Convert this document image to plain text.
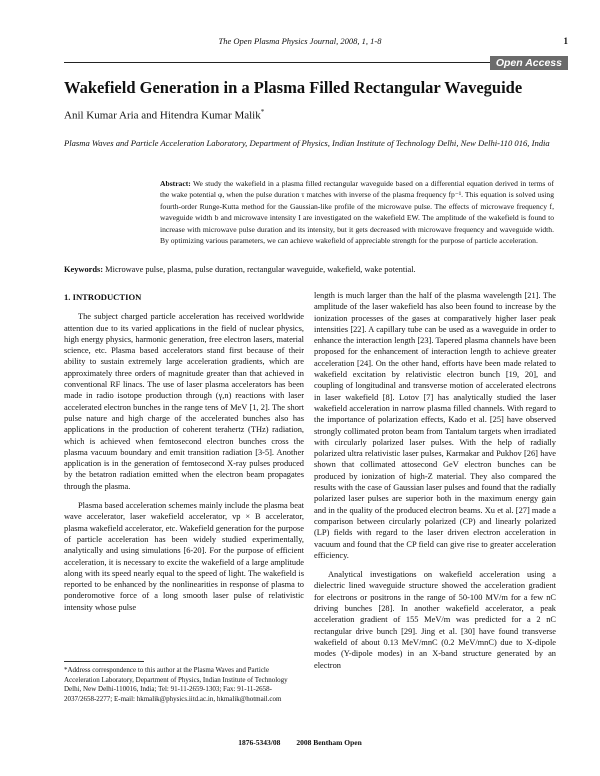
The Open Plasma Physics Journal, 2008, 1, 1-8	1
Open Access
Wakefield Generation in a Plasma Filled Rectangular Waveguide
Anil Kumar Aria and Hitendra Kumar Malik*
Plasma Waves and Particle Acceleration Laboratory, Department of Physics, Indian Institute of Technology Delhi, New Delhi-110 016, India
Abstract: We study the wakefield in a plasma filled rectangular waveguide based on a differential equation derived in terms of the wake potential φ, when the pulse duration τ matches with inverse of the plasma frequency fp⁻¹. This equation is solved using fourth-order Runge-Kutta method for the Gaussian-like profile of the microwave pulse. The effects of microwave frequency f, waveguide width b and microwave intensity I are investigated on the wakefield EW. The amplitude of the wakefield is found to increase with microwave pulse duration and its intensity, but it gets decreased with microwave frequency and waveguide width. By optimizing various parameters, we can achieve wakefield of appreciable strength for the purpose of particle acceleration.
Keywords: Microwave pulse, plasma, pulse duration, rectangular waveguide, wakefield, wake potential.
1. INTRODUCTION

The subject charged particle acceleration has received worldwide attention due to its varied applications in the field of nuclear physics, high energy physics, harmonic generation, free electron lasers, material science, etc. Plasma based accelerators stand first because of their ability to sustain extremely large acceleration gradients, which are approximately three orders of magnitude greater than that achieved in conventional RF linacs. The use of laser plasma accelerators has been made in radio isotope production through (γ,n) reactions with laser accelerated electron bunches in the range tens of MeV [1, 2]. The short pulse nature and high charge of the accelerated bunches also has applications in the production of coherent terahertz (THz) radiation, which is achieved when femtosecond electron bunches cross the plasma vacuum boundary and emit transition radiation [3-5]. Another application is in the generation of femtosecond X-ray pulses produced by the betatron radiation emitted when the electron beam propagates through the plasma.

Plasma based acceleration schemes mainly include the plasma beat wave accelerator, laser wakefield accelerator, vp × B accelerator, plasma wakefield accelerator, etc. Wakefield generation for the purpose of particle acceleration has been widely studied experimentally, analytically and using simulations [6-20]. For the purpose of efficient acceleration, it is necessary to excite the wakefield of a large amplitude along with its speed nearly equal to the speed of light. The wakefield is reported to be enhanced by the nonlinearities in response of plasma to ponderomotive force of a long smooth laser pulse of relativistic intensity whose pulse

length is much larger than the half of the plasma wavelength [21]. The amplitude of the laser wakefield has also been found to increase by the ionization processes of the gases at comparatively higher laser peak intensities [22]. A capillary tube can be used as a waveguide in order to enhance the interaction length [23]. Tapered plasma channels have been proposed for the enhancement of interaction length to achieve greater acceleration [24]. On the other hand, efforts have been made related to wakefield excitation by relativistic electron bunch [19, 20], and coupling of longitudinal and transverse motion of accelerated electrons in laser wakefield [8]. Lotov [7] has analytically studied the laser wakefield acceleration in narrow plasma filled channels. With regard to the importance of polarization effects, Kado et al. [25] have observed strongly collimated proton beam from Tantalum targets when irradiated with circularly polarized laser pulses. With the help of radially polarized ultra relativistic laser pulses, Karmakar and Pukhov [26] have shown that collimated attosecond GeV electron bunches can be produced by ionization of high-Z material. They also compared the results with the case of Gaussian laser pulses and found that the radially polarized laser pulses are superior both in the maximum energy gain and in the quality of the produced electron beams. Xu et al. [27] made a comparison between circularly polarized (CP) and linearly polarized (LP) fields with regard to the laser driven electron acceleration in vacuum and found that the CP field can give rise to greater acceleration efficiency.

Analytical investigations on wakefield acceleration using a dielectric lined waveguide structure showed the acceleration gradient for electrons or positrons in the range of 50-100 MV/m for a few nC driving bunches [28]. In another wakefield accelerator, a peak acceleration gradient of 155 MeV/m was predicted for a 2 nC rectangular drive bunch [29]. Jing et al. [30] have found transverse wakefield of about 0.13 MeV/mnC (0.2 MeV/mnC) due to X-dipole modes (Y-dipole modes) in an X-band structure generated by an electron

*Address correspondence to this author at the Plasma Waves and Particle Acceleration Laboratory, Department of Physics, Indian Institute of Technology Delhi, New Delhi-110016, India; Tel: 91-11-2659-1303; Fax: 91-11-2658-2037/2658-2277; E-mail: hkmalik@physics.iitd.ac.in, hkmalik@hotmail.com
1876-5343/08 2008 Bentham Open
